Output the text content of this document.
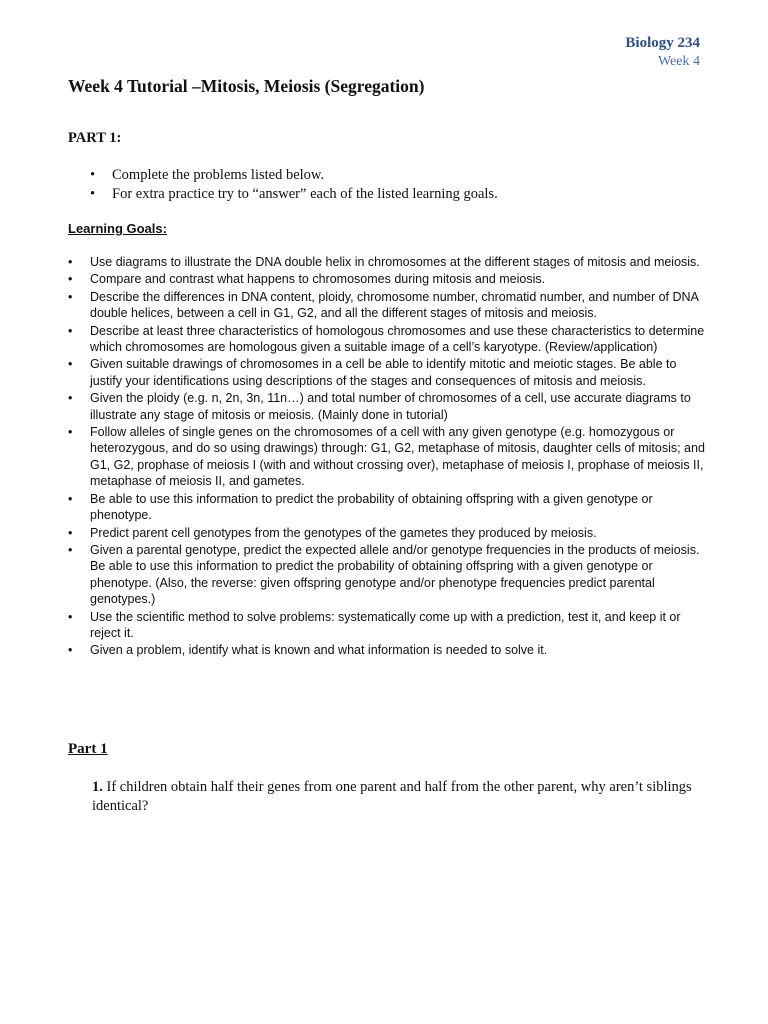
Biology 234
Week 4
Week 4 Tutorial –Mitosis, Meiosis (Segregation)
PART 1:
• Complete the problems listed below.
• For extra practice try to “answer” each of the listed learning goals.
Learning Goals:
• Use diagrams to illustrate the DNA double helix in chromosomes at the different stages of mitosis and meiosis.
• Compare and contrast what happens to chromosomes during mitosis and meiosis.
• Describe the differences in DNA content, ploidy, chromosome number, chromatid number, and number of DNA double helices, between a cell in G1, G2, and all the different stages of mitosis and meiosis.
• Describe at least three characteristics of homologous chromosomes and use these characteristics to determine which chromosomes are homologous given a suitable image of a cell’s karyotype. (Review/application)
• Given suitable drawings of chromosomes in a cell be able to identify mitotic and meiotic stages. Be able to justify your identifications using descriptions of the stages and consequences of mitosis and meiosis.
• Given the ploidy (e.g. n, 2n, 3n, 11n…) and total number of chromosomes of a cell, use accurate diagrams to illustrate any stage of mitosis or meiosis. (Mainly done in tutorial)
• Follow alleles of single genes on the chromosomes of a cell with any given genotype (e.g. homozygous or heterozygous, and do so using drawings) through: G1, G2, metaphase of mitosis, daughter cells of mitosis; and G1, G2, prophase of meiosis I (with and without crossing over), metaphase of meiosis I, prophase of meiosis II, metaphase of meiosis II, and gametes.
• Be able to use this information to predict the probability of obtaining offspring with a given genotype or phenotype.
• Predict parent cell genotypes from the genotypes of the gametes they produced by meiosis.
• Given a parental genotype, predict the expected allele and/or genotype frequencies in the products of meiosis. Be able to use this information to predict the probability of obtaining offspring with a given genotype or phenotype. (Also, the reverse: given offspring genotype and/or phenotype frequencies predict parental genotypes.)
• Use the scientific method to solve problems: systematically come up with a prediction, test it, and keep it or reject it.
• Given a problem, identify what is known and what information is needed to solve it.
Part 1

1. If children obtain half their genes from one parent and half from the other parent, why aren’t siblings identical?
